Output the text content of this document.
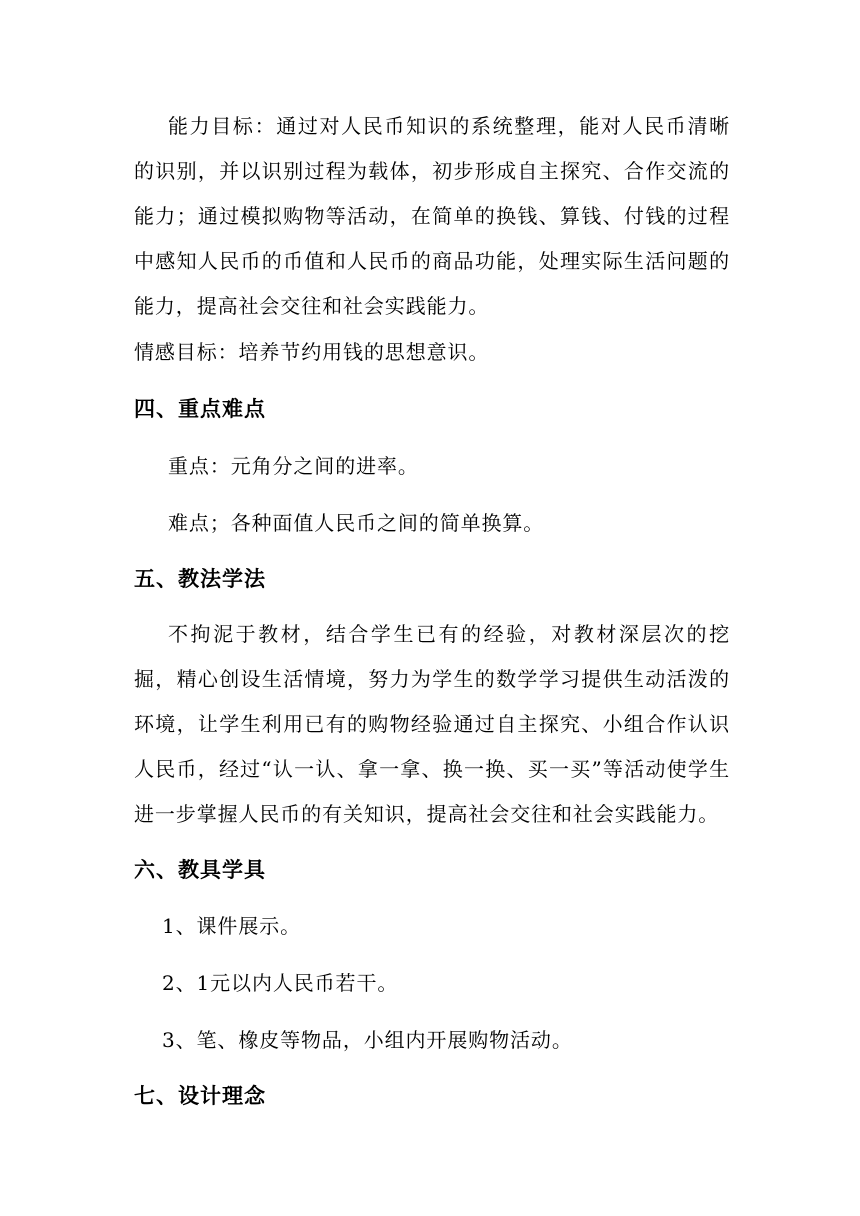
能力目标：通过对人民币知识的系统整理，能对人民币清晰的识别，并以识别过程为载体，初步形成自主探究、合作交流的能力；通过模拟购物等活动，在简单的换钱、算钱、付钱的过程中感知人民币的币值和人民币的商品功能，处理实际生活问题的能力，提高社会交往和社会实践能力。

情感目标：培养节约用钱的思想意识。

四、重点难点

重点：元角分之间的进率。

难点；各种面值人民币之间的简单换算。

五、教法学法

不拘泥于教材，结合学生已有的经验，对教材深层次的挖掘，精心创设生活情境，努力为学生的数学学习提供生动活泼的环境，让学生利用已有的购物经验通过自主探究、小组合作认识人民币，经过“认一认、拿一拿、换一换、买一买”等活动使学生进一步掌握人民币的有关知识，提高社会交往和社会实践能力。

六、教具学具

1、课件展示。

2、1元以内人民币若干。

3、笔、橡皮等物品，小组内开展购物活动。

七、设计理念
